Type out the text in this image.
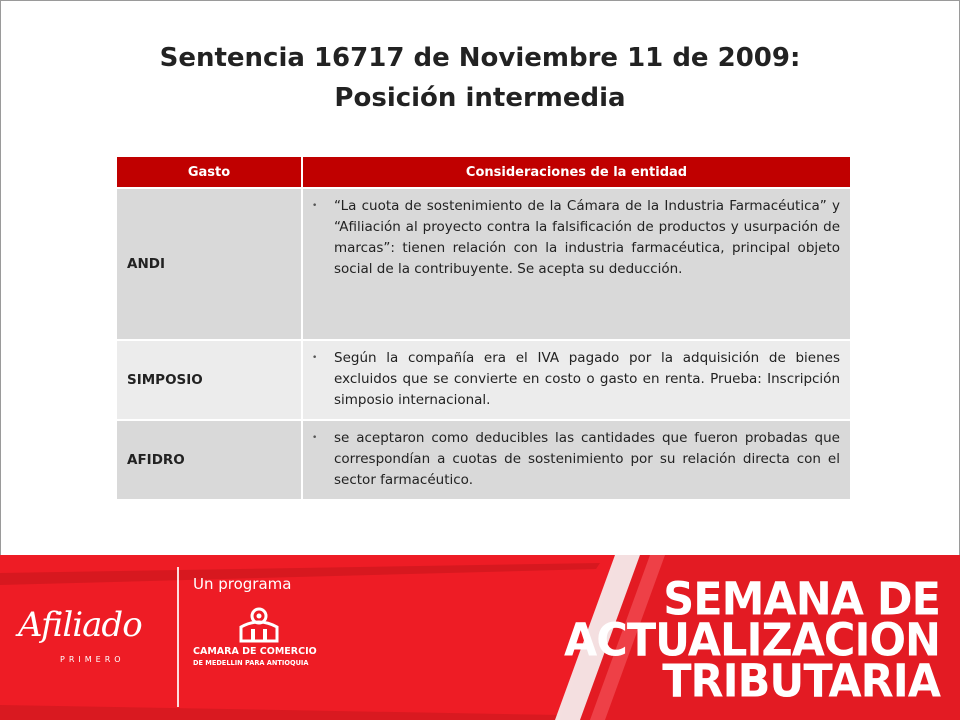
Sentencia 16717 de Noviembre 11 de 2009:
Posición intermedia
Gasto	Consideraciones de la entidad
ANDI	• “La cuota de sostenimiento de la Cámara de la Industria Farmacéutica” y “Afiliación al proyecto contra la falsificación de productos y usurpación de marcas”: tienen relación con la industria farmacéutica, principal objeto social de la contribuyente. Se acepta su deducción.

SIMPOSIO	• Según la compañía era el IVA pagado por la adquisición de bienes excluidos que se convierte en costo o gasto en renta. Prueba: Inscripción simposio internacional.

AFIDRO	• se aceptaron como deducibles las cantidades que fueron probadas que correspondían a cuotas de sostenimiento por su relación directa con el sector farmacéutico.
Afiliado
PRIMERO
Un programa
CAMARA DE COMERCIO
DE MEDELLIN PARA ANTIOQUIA
SEMANA DE
ACTUALIZACION
TRIBUTARIA
